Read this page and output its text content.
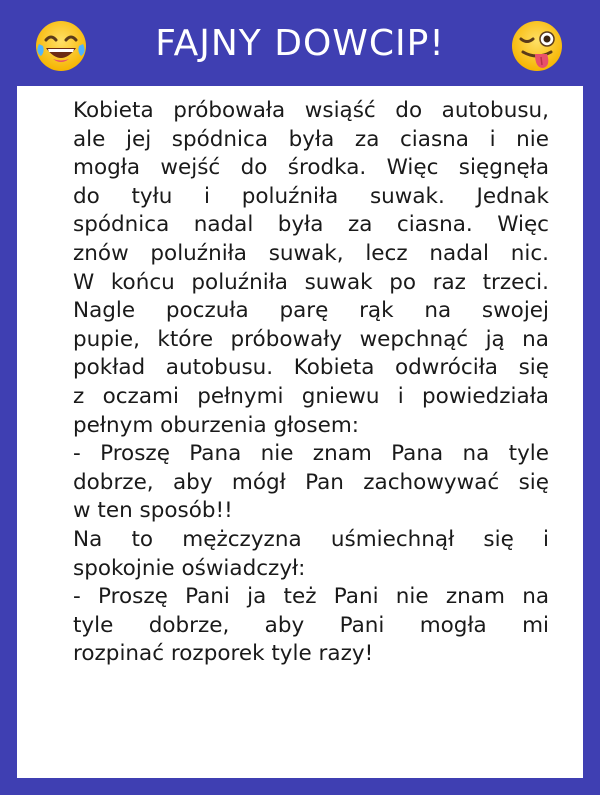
FAJNY DOWCIP!
Kobieta próbowała wsiąść do autobusu,
ale jej spódnica była za ciasna i nie
mogła wejść do środka. Więc sięgnęła
do tyłu i poluźniła suwak. Jednak
spódnica nadal była za ciasna. Więc
znów poluźniła suwak, lecz nadal nic.
W końcu poluźniła suwak po raz trzeci.
Nagle poczuła parę rąk na swojej
pupie, które próbowały wepchnąć ją na
pokład autobusu. Kobieta odwróciła się
z oczami pełnymi gniewu i powiedziała
pełnym oburzenia głosem:
- Proszę Pana nie znam Pana na tyle
dobrze, aby mógł Pan zachowywać się
w ten sposób!!
Na to mężczyzna uśmiechnął się i
spokojnie oświadczył:
- Proszę Pani ja też Pani nie znam na
tyle dobrze, aby Pani mogła mi
rozpinać rozporek tyle razy!
